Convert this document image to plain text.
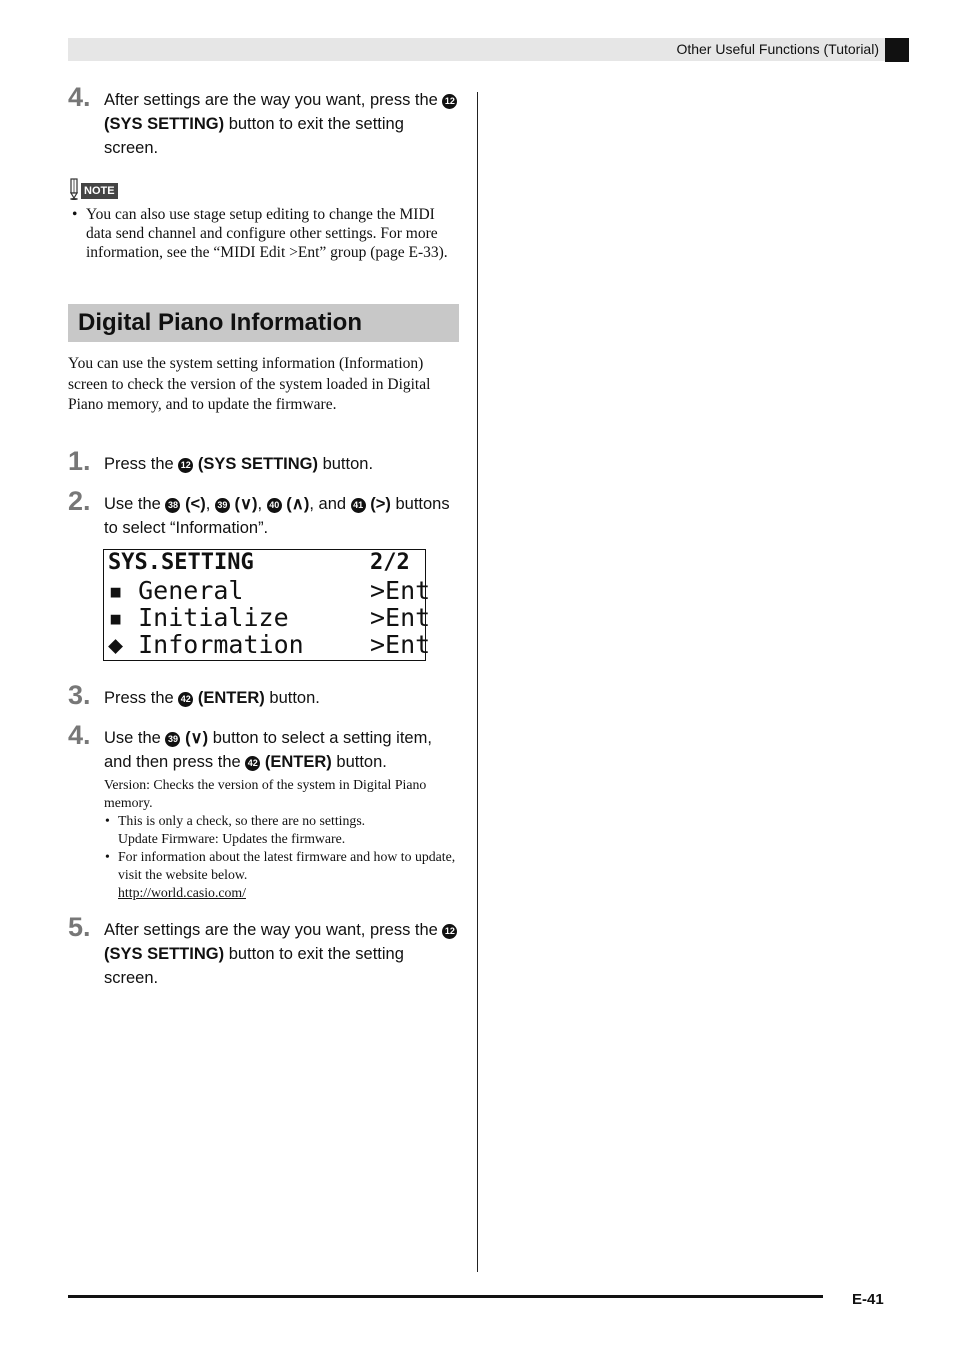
Other Useful Functions (Tutorial)
4. After settings are the way you want, press the 12 (SYS SETTING) button to exit the setting screen.
NOTE
• You can also use stage setup editing to change the MIDI data send channel and configure other settings. For more information, see the “MIDI Edit >Ent” group (page E-33).
Digital Piano Information
You can use the system setting information (Information) screen to check the version of the system loaded in Digital Piano memory, and to update the firmware.
1. Press the 12 (SYS SETTING) button.
2. Use the 38 (<), 39 (∨), 40 (∧), and 41 (>) buttons to select “Information”.
SYS.SETTING	2/2
▪ General	>Ent
▪ Initialize	>Ent
◆ Information	>Ent
3. Press the 42 (ENTER) button.
4. Use the 39 (∨) button to select a setting item, and then press the 42 (ENTER) button.
Version: Checks the version of the system in Digital Piano memory.
• This is only a check, so there are no settings.
Update Firmware: Updates the firmware.
• For information about the latest firmware and how to update, visit the website below.
http://world.casio.com/
5. After settings are the way you want, press the 12 (SYS SETTING) button to exit the setting screen.
E-41
